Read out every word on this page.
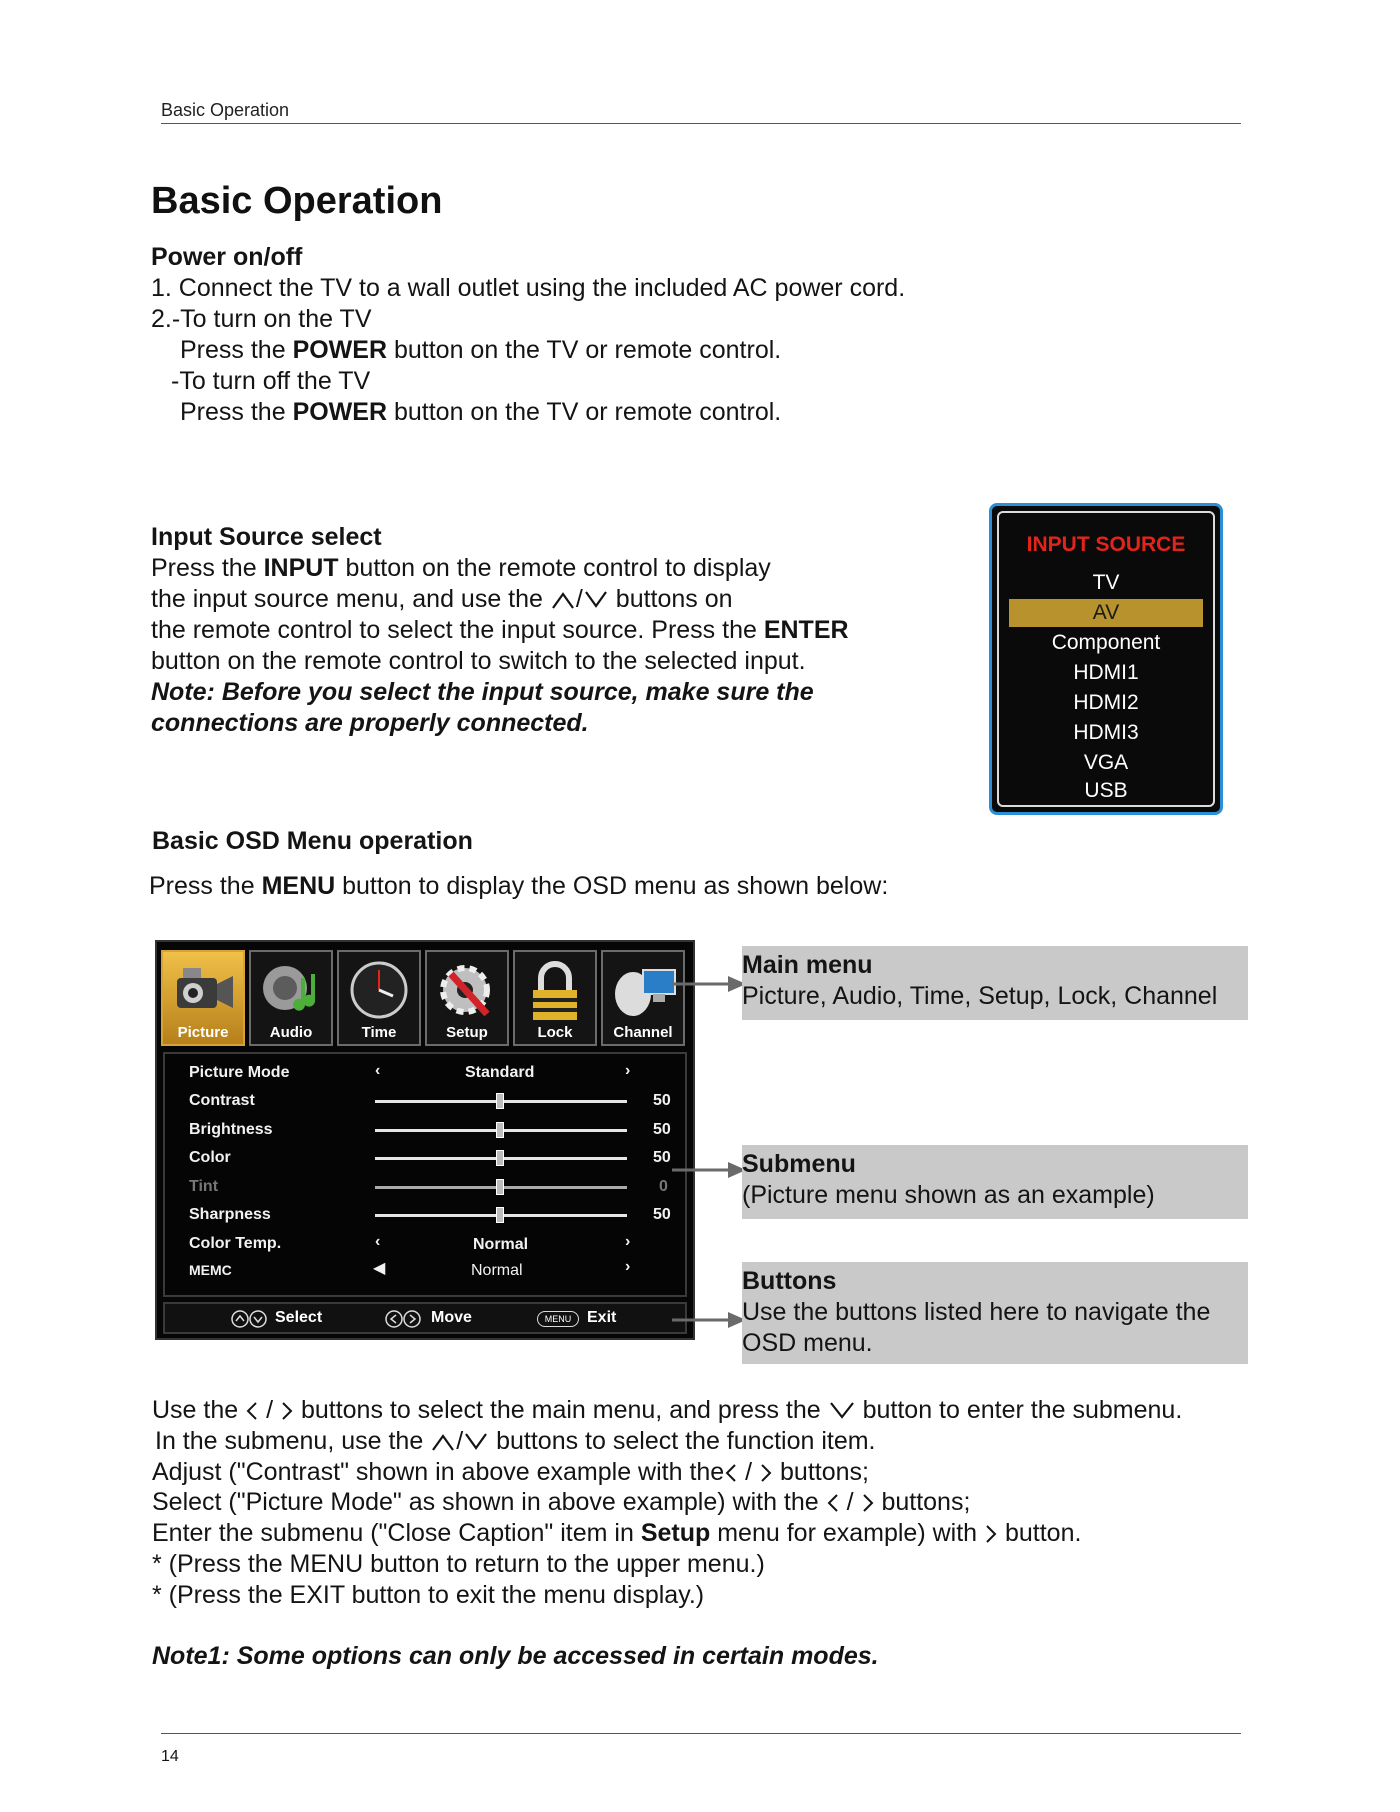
Basic Operation
Basic Operation
Power on/off
1. Connect the TV to a wall outlet using the included AC power cord.
2.-To turn on the TV
Press the POWER button on the TV or remote control.
-To turn off the TV
Press the POWER button on the TV or remote control.
Input Source select
Press the INPUT button on the remote control to display
the input source menu, and use the / buttons on
the remote control to select the input source. Press the ENTER
button on the remote control to switch to the selected input.
Note: Before you select the input source, make sure the
connections are properly connected.
INPUT SOURCE
TV
AV
Component
HDMI1
HDMI2
HDMI3
VGA
USB
Basic OSD Menu operation
Press the MENU button to display the OSD menu as shown below:
Picture	Audio	Time	Setup	Lock	Channel
Picture Mode	‹	Standard	›
Contrast	50
Brightness	50
Color	50
Tint	0
Sharpness	50
Color Temp.	‹	Normal	›
MEMC	◀	Normal	›
Select	Move	MENU Exit
Main menu
Picture, Audio, Time, Setup, Lock, Channel
Submenu
(Picture menu shown as an example)
Buttons
Use the buttons listed here to navigate the
OSD menu.
Use the / buttons to select the main menu, and press the button to enter the submenu.
In the submenu, use the / buttons to select the function item.
Adjust ("Contrast" shown in above example with the / buttons;
Select ("Picture Mode" as shown in above example) with the / buttons;
Enter the submenu ("Close Caption" item in Setup menu for example) with button.
* (Press the MENU button to return to the upper menu.)
* (Press the EXIT button to exit the menu display.)
Note1: Some options can only be accessed in certain modes.
14
